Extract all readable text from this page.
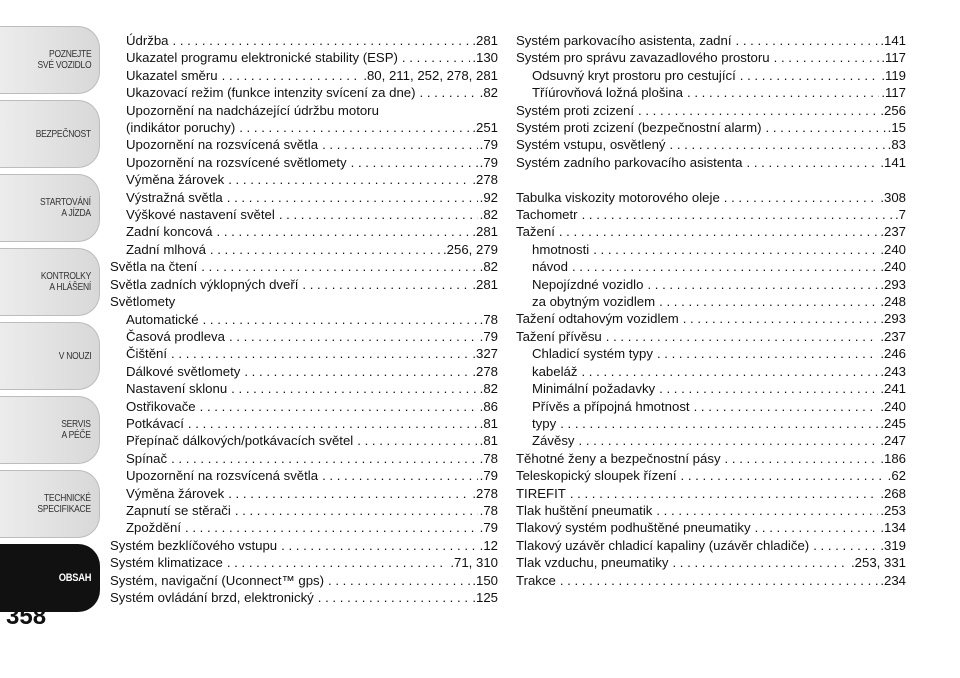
POZNEJTE
SVÉ VOZIDLO
BEZPEČNOST
STARTOVÁNÍ
A JÍZDA
KONTROLKY
A HLÁŠENÍ
V NOUZI
SERVIS
A PÉČE
TECHNICKÉ
SPECIFIKACE
OBSAH
358
Údržba . . .	.281
Ukazatel programu elektronické stability (ESP) . . .	.130
Ukazatel směru . . .	.80, 211, 252, 278, 281
Ukazovací režim (funkce intenzity svícení za dne) . . .	.82
Upozornění na nadcházející údržbu motoru
(indikátor poruchy) . . .	.251
Upozornění na rozsvícená světla . . .	.79
Upozornění na rozsvícené světlomety . . .	.79
Výměna žárovek . . .	.278
Výstražná světla . . .	.92
Výškové nastavení světel . . .	.82
Zadní koncová . . .	.281
Zadní mlhová . . .	.256, 279
Světla na čtení . . .	.82
Světla zadních výklopných dveří . . .	.281
Světlomety
Automatické . . .	.78
Časová prodleva . . .	.79
Čištění . . .	.327
Dálkové světlomety . . .	.278
Nastavení sklonu . . .	.82
Ostřikovače . . .	.86
Potkávací . . .	.81
Přepínač dálkových/potkávacích světel . . .	.81
Spínač . . .	.78
Upozornění na rozsvícená světla . . .	.79
Výměna žárovek . . .	.278
Zapnutí se stěrači . . .	.78
Zpoždění . . .	.79
Systém bezklíčového vstupu . . .	.12
Systém klimatizace . . .	.71, 310
Systém, navigační (Uconnect™ gps) . . .	.150
Systém ovládání brzd, elektronický . . .	.125
Systém parkovacího asistenta, zadní . . .	.141
Systém pro správu zavazadlového prostoru . . .	.117
Odsuvný kryt prostoru pro cestující . . .	.119
Tříúrovňová ložná plošina . . .	.117
Systém proti zcizení . . .	.256
Systém proti zcizení (bezpečnostní alarm) . . .	.15
Systém vstupu, osvětlený . . .	.83
Systém zadního parkovacího asistenta . . .	.141
Tabulka viskozity motorového oleje . . .	.308
Tachometr . . .	.7
Tažení . . .	.237
hmotnosti . . .	.240
návod . . .	.240
Nepojízdné vozidlo . . .	.293
za obytným vozidlem . . .	.248
Tažení odtahovým vozidlem . . .	.293
Tažení přívěsu . . .	.237
Chladicí systém typy . . .	.246
kabeláž . . .	.243
Minimální požadavky . . .	.241
Přívěs a přípojná hmotnost . . .	.240
typy . . .	.245
Závěsy . . .	.247
Těhotné ženy a bezpečnostní pásy . . .	.186
Teleskopický sloupek řízení . . .	.62
TIREFIT . . .	.268
Tlak huštění pneumatik . . .	.253
Tlakový systém podhuštěné pneumatiky . . .	.134
Tlakový uzávěr chladicí kapaliny (uzávěr chladiče) . . .	.319
Tlak vzduchu, pneumatiky . . .	.253, 331
Trakce . . .	.234
